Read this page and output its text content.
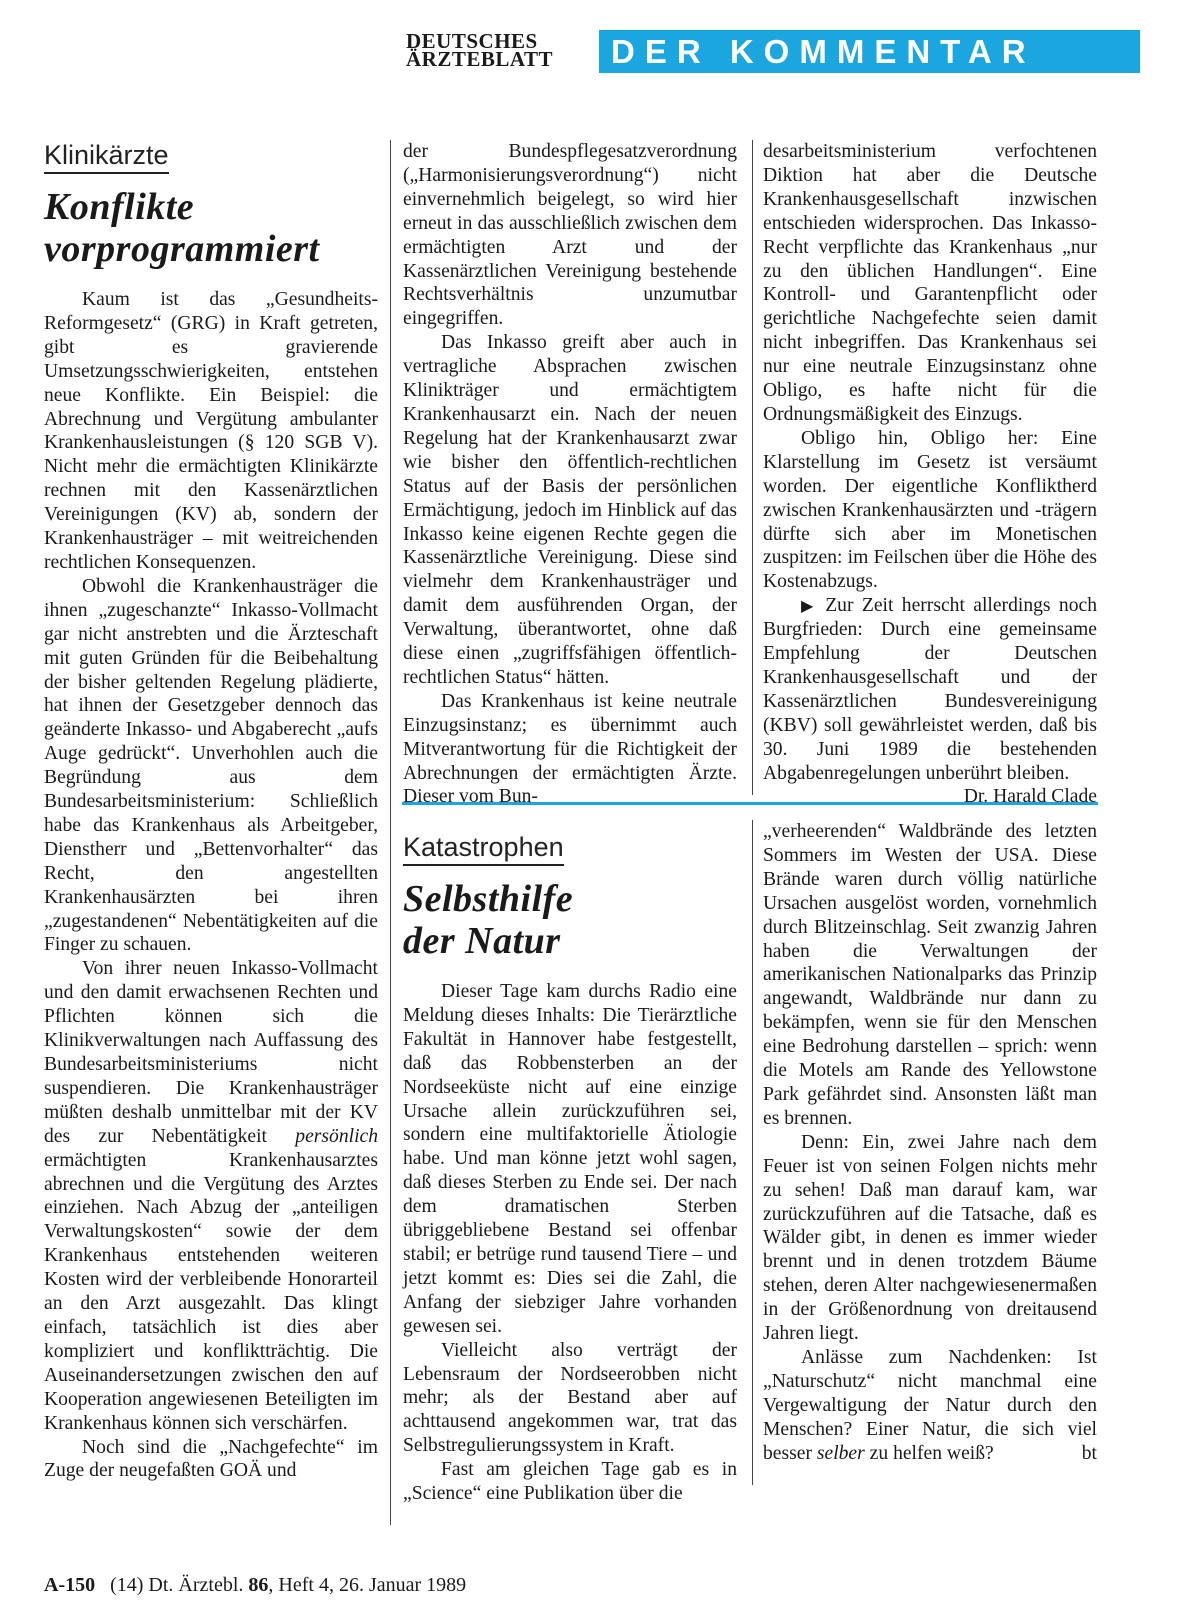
DEUTSCHES
ÄRZTEBLATT	DER KOMMENTAR
Klinikärzte
Konflikte
vorprogrammiert

Kaum ist das „Gesundheits-Reformgesetz“ (GRG) in Kraft getreten, gibt es gravierende Umsetzungsschwierigkeiten, entstehen neue Konflikte. Ein Beispiel: die Abrechnung und Vergütung ambulanter Krankenhausleistungen (§ 120 SGB V). Nicht mehr die ermächtigten Klinikärzte rechnen mit den Kassenärztlichen Vereinigungen (KV) ab, sondern der Krankenhausträger – mit weitreichenden rechtlichen Konsequenzen.

Obwohl die Krankenhausträger die ihnen „zugeschanzte“ Inkasso-Vollmacht gar nicht anstrebten und die Ärzteschaft mit guten Gründen für die Beibehaltung der bisher geltenden Regelung plädierte, hat ihnen der Gesetzgeber dennoch das geänderte Inkasso- und Abgaberecht „aufs Auge gedrückt“. Unverhohlen auch die Begründung aus dem Bundesarbeitsministerium: Schließlich habe das Krankenhaus als Arbeitgeber, Dienstherr und „Bettenvorhalter“ das Recht, den angestellten Krankenhausärzten bei ihren „zugestandenen“ Nebentätigkeiten auf die Finger zu schauen.

Von ihrer neuen Inkasso-Vollmacht und den damit erwachsenen Rechten und Pflichten können sich die Klinikverwaltungen nach Auffassung des Bundesarbeitsministeriums nicht suspendieren. Die Krankenhausträger müßten deshalb unmittelbar mit der KV des zur Nebentätigkeit persönlich ermächtigten Krankenhausarztes abrechnen und die Vergütung des Arztes einziehen. Nach Abzug der „anteiligen Verwaltungskosten“ sowie der dem Krankenhaus entstehenden weiteren Kosten wird der verbleibende Honorarteil an den Arzt ausgezahlt. Das klingt einfach, tatsächlich ist dies aber kompliziert und konfliktträchtig. Die Auseinandersetzungen zwischen den auf Kooperation angewiesenen Beteiligten im Krankenhaus können sich verschärfen.

Noch sind die „Nachgefechte“ im Zuge der neugefaßten GOÄ und

der Bundespflegesatzverordnung („Harmonisierungsverordnung“) nicht einvernehmlich beigelegt, so wird hier erneut in das ausschließlich zwischen dem ermächtigten Arzt und der Kassenärztlichen Vereinigung bestehende Rechtsverhältnis unzumutbar eingegriffen.

Das Inkasso greift aber auch in vertragliche Absprachen zwischen Klinikträger und ermächtigtem Krankenhausarzt ein. Nach der neuen Regelung hat der Krankenhausarzt zwar wie bisher den öffentlich-rechtlichen Status auf der Basis der persönlichen Ermächtigung, jedoch im Hinblick auf das Inkasso keine eigenen Rechte gegen die Kassenärztliche Vereinigung. Diese sind vielmehr dem Krankenhausträger und damit dem ausführenden Organ, der Verwaltung, überantwortet, ohne daß diese einen „zugriffsfähigen öffentlich-rechtlichen Status“ hätten.

Das Krankenhaus ist keine neutrale Einzugsinstanz; es übernimmt auch Mitverantwortung für die Richtigkeit der Abrechnungen der ermächtigten Ärzte. Dieser vom Bun-

desarbeitsministerium verfochtenen Diktion hat aber die Deutsche Krankenhausgesellschaft inzwischen entschieden widersprochen. Das Inkasso-Recht verpflichte das Krankenhaus „nur zu den üblichen Handlungen“. Eine Kontroll- und Garantenpflicht oder gerichtliche Nachgefechte seien damit nicht inbegriffen. Das Krankenhaus sei nur eine neutrale Einzugsinstanz ohne Obligo, es hafte nicht für die Ordnungsmäßigkeit des Einzugs.

Obligo hin, Obligo her: Eine Klarstellung im Gesetz ist versäumt worden. Der eigentliche Konfliktherd zwischen Krankenhausärzten und -trägern dürfte sich aber im Monetischen zuspitzen: im Feilschen über die Höhe des Kostenabzugs.

▶ Zur Zeit herrscht allerdings noch Burgfrieden: Durch eine gemeinsame Empfehlung der Deutschen Krankenhausgesellschaft und der Kassenärztlichen Bundesvereinigung (KBV) soll gewährleistet werden, daß bis 30. Juni 1989 die bestehenden Abgabenregelungen unberührt bleiben.
Dr. Harald Clade

Katastrophen
Selbsthilfe
der Natur

Dieser Tage kam durchs Radio eine Meldung dieses Inhalts: Die Tierärztliche Fakultät in Hannover habe festgestellt, daß das Robbensterben an der Nordseeküste nicht auf eine einzige Ursache allein zurückzuführen sei, sondern eine multifaktorielle Ätiologie habe. Und man könne jetzt wohl sagen, daß dieses Sterben zu Ende sei. Der nach dem dramatischen Sterben übriggebliebene Bestand sei offenbar stabil; er betrüge rund tausend Tiere – und jetzt kommt es: Dies sei die Zahl, die Anfang der siebziger Jahre vorhanden gewesen sei.

Vielleicht also verträgt der Lebensraum der Nordseerobben nicht mehr; als der Bestand aber auf achttausend angekommen war, trat das Selbstregulierungssystem in Kraft.

Fast am gleichen Tage gab es in „Science“ eine Publikation über die

„verheerenden“ Waldbrände des letzten Sommers im Westen der USA. Diese Brände waren durch völlig natürliche Ursachen ausgelöst worden, vornehmlich durch Blitzeinschlag. Seit zwanzig Jahren haben die Verwaltungen der amerikanischen Nationalparks das Prinzip angewandt, Waldbrände nur dann zu bekämpfen, wenn sie für den Menschen eine Bedrohung darstellen – sprich: wenn die Motels am Rande des Yellowstone Park gefährdet sind. Ansonsten läßt man es brennen.

Denn: Ein, zwei Jahre nach dem Feuer ist von seinen Folgen nichts mehr zu sehen! Daß man darauf kam, war zurückzuführen auf die Tatsache, daß es Wälder gibt, in denen es immer wieder brennt und in denen trotzdem Bäume stehen, deren Alter nachgewiesenermaßen in der Größenordnung von dreitausend Jahren liegt.

Anlässe zum Nachdenken: Ist „Naturschutz“ nicht manchmal eine Vergewaltigung der Natur durch den Menschen? Einer Natur, die sich viel besser selber zu helfen weiß?	bt

A-150 (14) Dt. Ärztebl. 86, Heft 4, 26. Januar 1989
